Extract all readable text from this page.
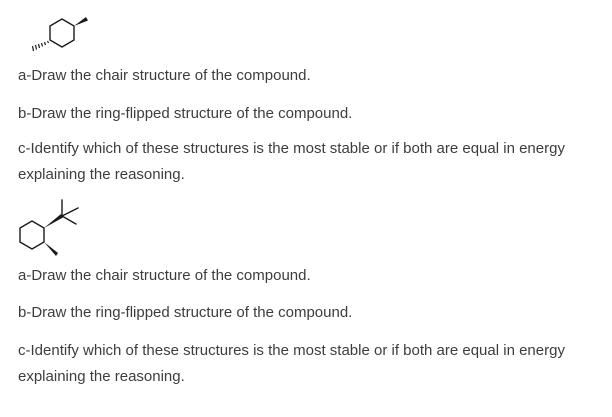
a-Draw the chair structure of the compound.

b-Draw the ring-flipped structure of the compound.

c-Identify which of these structures is the most stable or if both are equal in energy explaining the reasoning.

a-Draw the chair structure of the compound.

b-Draw the ring-flipped structure of the compound.

c-Identify which of these structures is the most stable or if both are equal in energy explaining the reasoning.
